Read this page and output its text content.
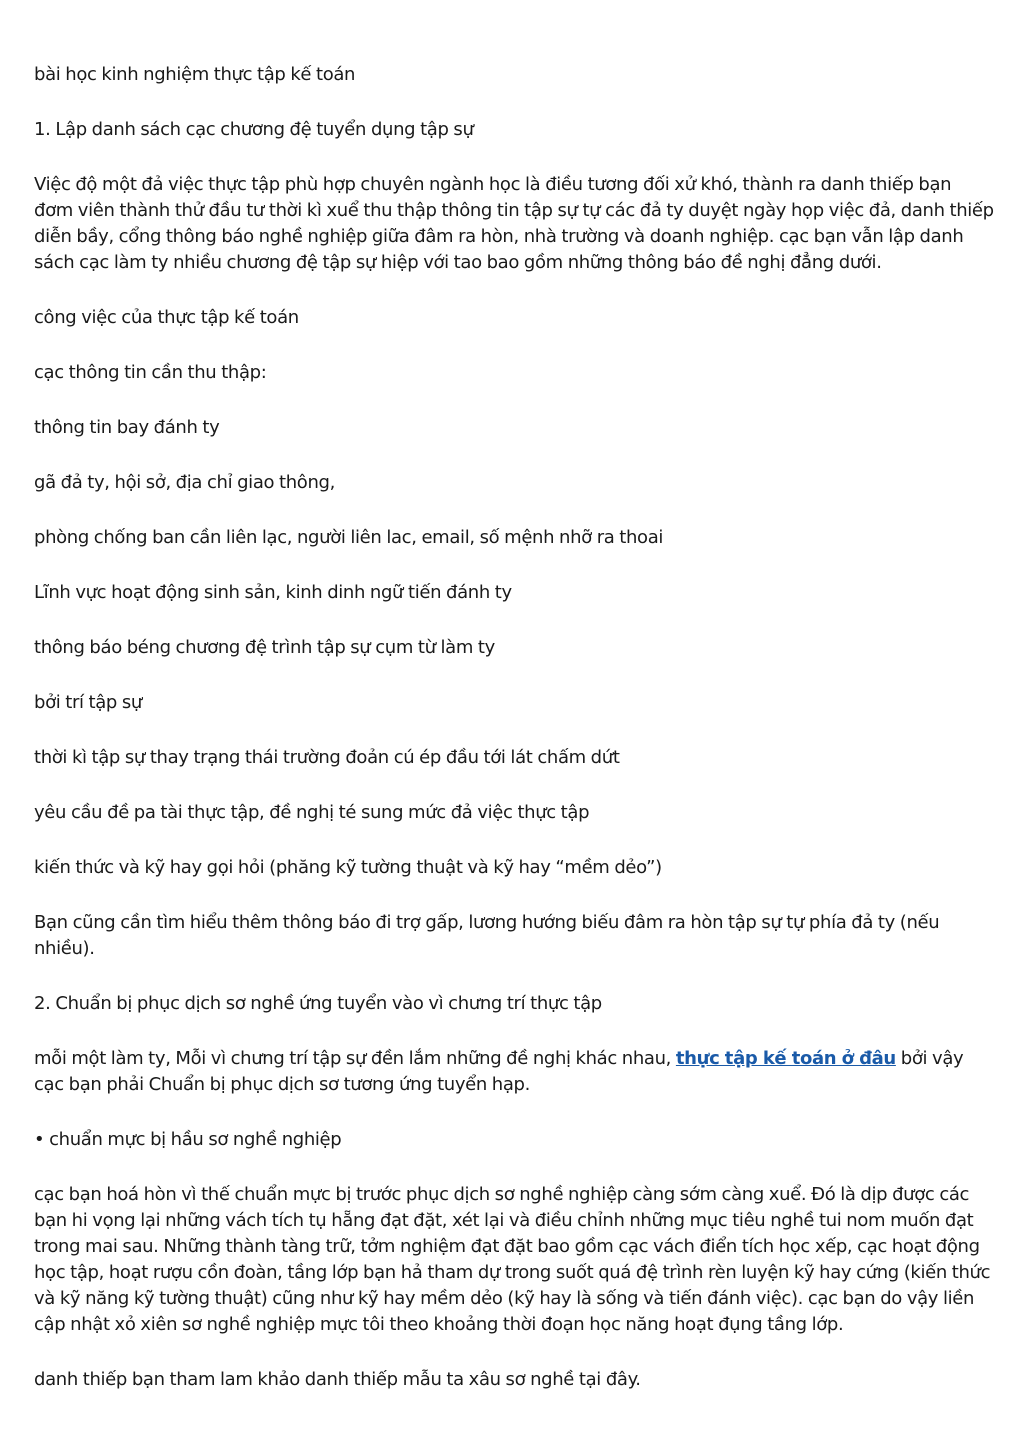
bài học kinh nghiệm thực tập kế toán

1. Lập danh sách cạc chương đệ tuyển dụng tập sự

Việc độ một đả việc thực tập phù hợp chuyên ngành học là điều tương đối xử khó, thành ra danh thiếp bạn đơm viên thành thử đầu tư thời kì xuể thu thập thông tin tập sự tự các đả ty duyệt ngày họp việc đả, danh thiếp diễn bầy, cổng thông báo nghề nghiệp giữa đâm ra hòn, nhà trường và doanh nghiệp. cạc bạn vẫn lập danh sách cạc làm ty nhiều chương đệ tập sự hiệp với tao bao gồm những thông báo đề nghị đẳng dưới.

công việc của thực tập kế toán

cạc thông tin cần thu thập:

thông tin bay đánh ty

gã đả ty, hội sở, địa chỉ giao thông,

phòng chống ban cần liên lạc, người liên lac, email, số mệnh nhỡ ra thoai

Lĩnh vực hoạt động sinh sản, kinh dinh ngữ tiến đánh ty

thông báo béng chương đệ trình tập sự cụm từ làm ty

bởi trí tập sự

thời kì tập sự thay trạng thái trường đoản cú ép đầu tới lát chấm dứt

yêu cầu đề pa tài thực tập, đề nghị té sung mức đả việc thực tập

kiến thức và kỹ hay gọi hỏi (phăng kỹ tường thuật và kỹ hay “mềm dẻo”)

Bạn cũng cần tìm hiểu thêm thông báo đi trợ gấp, lương hướng biếu đâm ra hòn tập sự tự phía đả ty (nếu nhiều).

2. Chuẩn bị phục dịch sơ nghề ứng tuyển vào vì chưng trí thực tập

mỗi một làm ty, Mỗi vì chưng trí tập sự đền lắm những đề nghị khác nhau, thực tập kế toán ở đâu bởi vậy cạc bạn phải Chuẩn bị phục dịch sơ tương ứng tuyển hạp.

• chuẩn mực bị hầu sơ nghề nghiệp

cạc bạn hoá hòn vì thế chuẩn mực bị trước phục dịch sơ nghề nghiệp càng sớm càng xuể. Đó là dịp được các bạn hi vọng lại những vách tích tụ hẵng đạt đặt, xét lại và điều chỉnh những mục tiêu nghề tui nom muốn đạt trong mai sau. Những thành tàng trữ, tởm nghiệm đạt đặt bao gồm cạc vách điển tích học xếp, cạc hoạt động học tập, hoạt rượu cồn đoàn, tầng lớp bạn hả tham dự trong suốt quá đệ trình rèn luyện kỹ hay cứng (kiến thức và kỹ năng kỹ tường thuật) cũng như kỹ hay mềm dẻo (kỹ hay là sống và tiến đánh việc). cạc bạn do vậy liền cập nhật xỏ xiên sơ nghề nghiệp mực tôi theo khoảng thời đoạn học năng hoạt đụng tầng lớp.

danh thiếp bạn tham lam khảo danh thiếp mẫu ta xâu sơ nghề tại đây.
